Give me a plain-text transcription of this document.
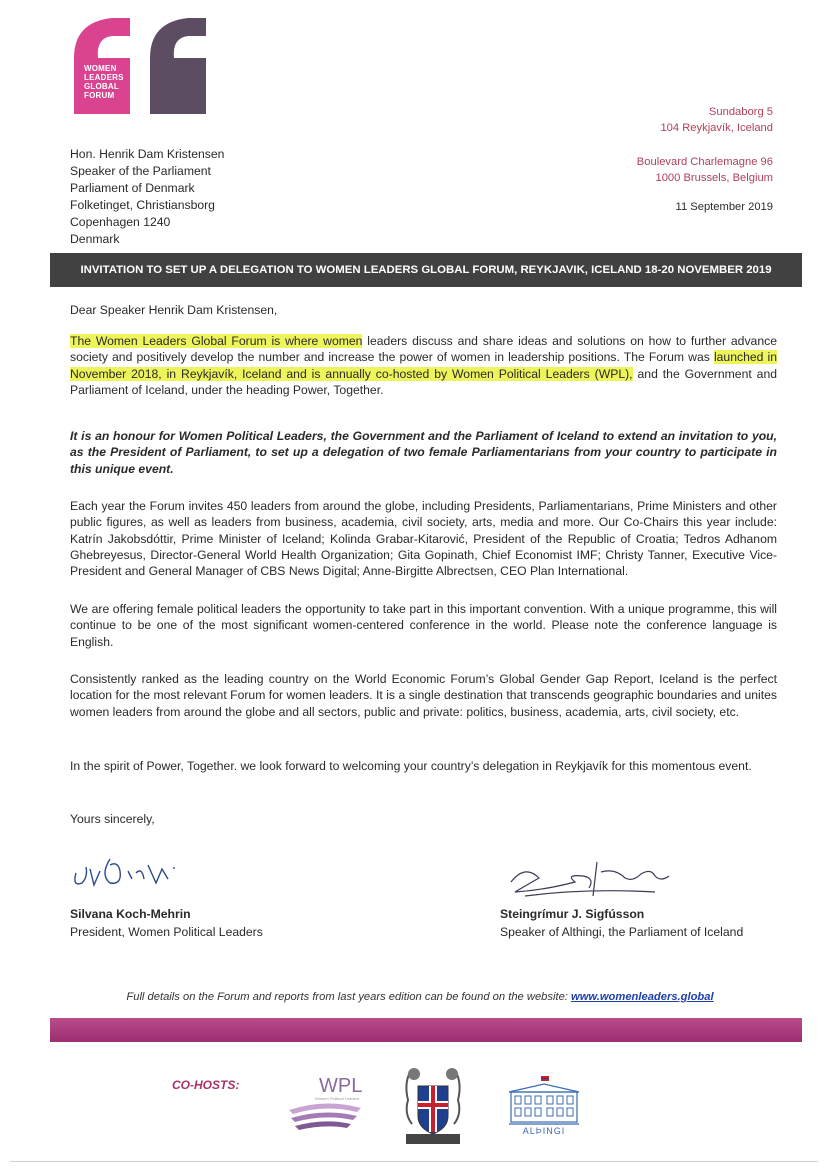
WOMEN
LEADERS
GLOBAL
FORUM
Hon. Henrik Dam Kristensen
Speaker of the Parliament
Parliament of Denmark
Folketinget, Christiansborg
Copenhagen 1240
Denmark
Sundaborg 5
104 Reykjavík, Iceland
Boulevard Charlemagne 96
1000 Brussels, Belgium
11 September 2019
INVITATION TO SET UP A DELEGATION TO WOMEN LEADERS GLOBAL FORUM, REYKJAVIK, ICELAND 18-20 NOVEMBER 2019
Dear Speaker Henrik Dam Kristensen,
The Women Leaders Global Forum is where women leaders discuss and share ideas and solutions on how to further advance society and positively develop the number and increase the power of women in leadership positions. The Forum was launched in November 2018, in Reykjavík, Iceland and is annually co-hosted by Women Political Leaders (WPL), and the Government and Parliament of Iceland, under the heading Power, Together.
It is an honour for Women Political Leaders, the Government and the Parliament of Iceland to extend an invitation to you, as the President of Parliament, to set up a delegation of two female Parliamentarians from your country to participate in this unique event.
Each year the Forum invites 450 leaders from around the globe, including Presidents, Parliamentarians, Prime Ministers and other public figures, as well as leaders from business, academia, civil society, arts, media and more. Our Co-Chairs this year include: Katrín Jakobsdóttir, Prime Minister of Iceland; Kolinda Grabar-Kitarović, President of the Republic of Croatia; Tedros Adhanom Ghebreyesus, Director-General World Health Organization; Gita Gopinath, Chief Economist IMF; Christy Tanner, Executive Vice-President and General Manager of CBS News Digital; Anne-Birgitte Albrectsen, CEO Plan International.
We are offering female political leaders the opportunity to take part in this important convention. With a unique programme, this will continue to be one of the most significant women-centered conference in the world. Please note the conference language is English.
Consistently ranked as the leading country on the World Economic Forum’s Global Gender Gap Report, Iceland is the perfect location for the most relevant Forum for women leaders. It is a single destination that transcends geographic boundaries and unites women leaders from around the globe and all sectors, public and private: politics, business, academia, arts, civil society, etc.
In the spirit of Power, Together. we look forward to welcoming your country’s delegation in Reykjavík for this momentous event.
Yours sincerely,
Silvana Koch-Mehrin
President, Women Political Leaders
Steingrímur J. Sigfússon
Speaker of Althingi, the Parliament of Iceland
Full details on the Forum and reports from last years edition can be found on the website: www.womenleaders.global
CO-HOSTS:	WPL
Women Political Leaders
ALÞINGI
